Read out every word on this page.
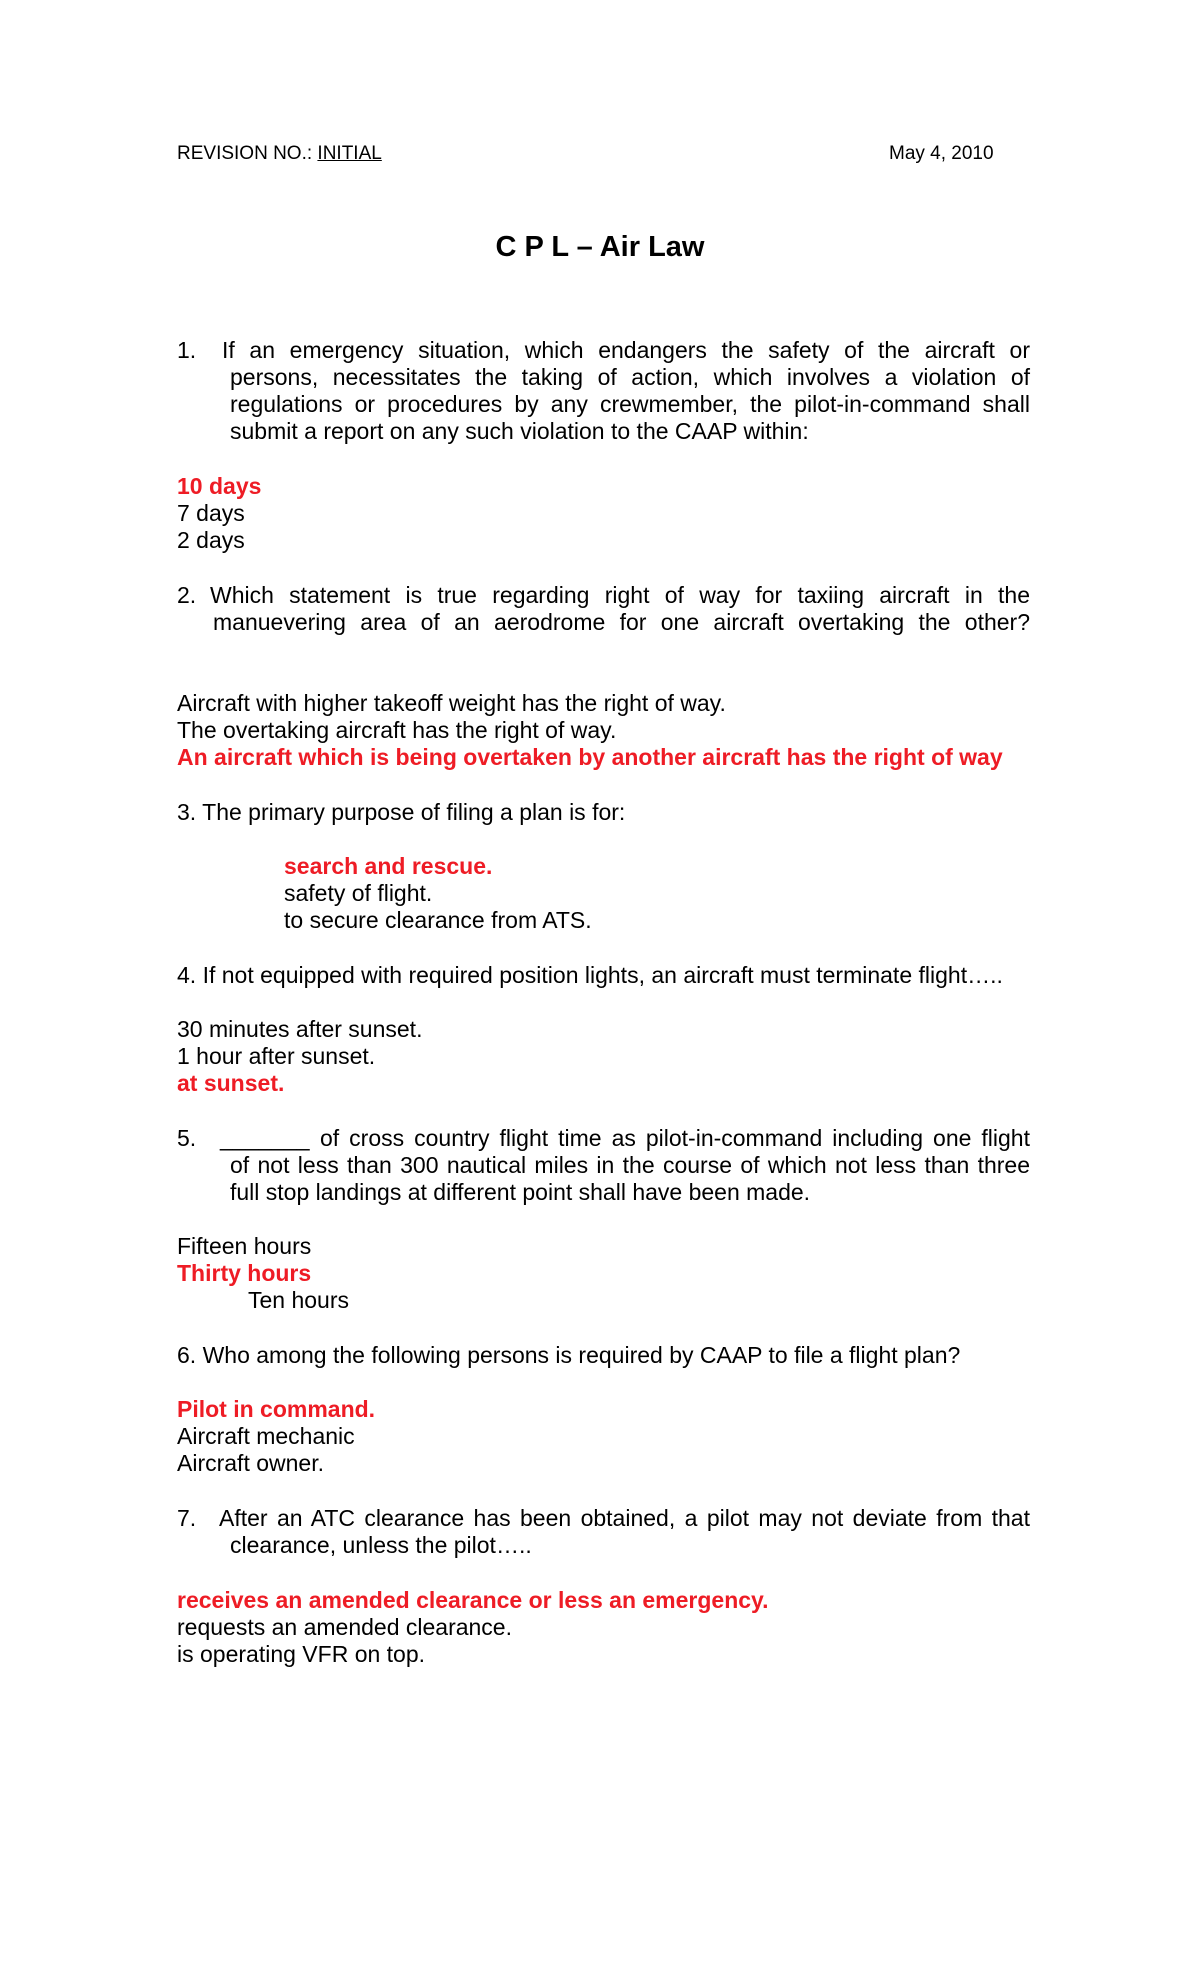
REVISION NO.: INITIAL	May 4, 2010
C P L – Air Law
1. If an emergency situation, which endangers the safety of the aircraft or
persons, necessitates the taking of action, which involves a violation of
regulations or procedures by any crewmember, the pilot-in-command shall
submit a report on any such violation to the CAAP within:
10 days
7 days
2 days
2. Which statement is true regarding right of way for taxiing aircraft in the
manuevering area of an aerodrome for one aircraft overtaking the other?
Aircraft with higher takeoff weight has the right of way.
The overtaking aircraft has the right of way.
An aircraft which is being overtaken by another aircraft has the right of way
3. The primary purpose of filing a plan is for:
search and rescue.
safety of flight.
to secure clearance from ATS.
4. If not equipped with required position lights, an aircraft must terminate flight…..
30 minutes after sunset.
1 hour after sunset.
at sunset.
5. _______ of cross country flight time as pilot-in-command including one flight
of not less than 300 nautical miles in the course of which not less than three
full stop landings at different point shall have been made.
Fifteen hours
Thirty hours
Ten hours
6. Who among the following persons is required by CAAP to file a flight plan?
Pilot in command.
Aircraft mechanic
Aircraft owner.
7. After an ATC clearance has been obtained, a pilot may not deviate from that
clearance, unless the pilot…..
receives an amended clearance or less an emergency.
requests an amended clearance.
is operating VFR on top.
